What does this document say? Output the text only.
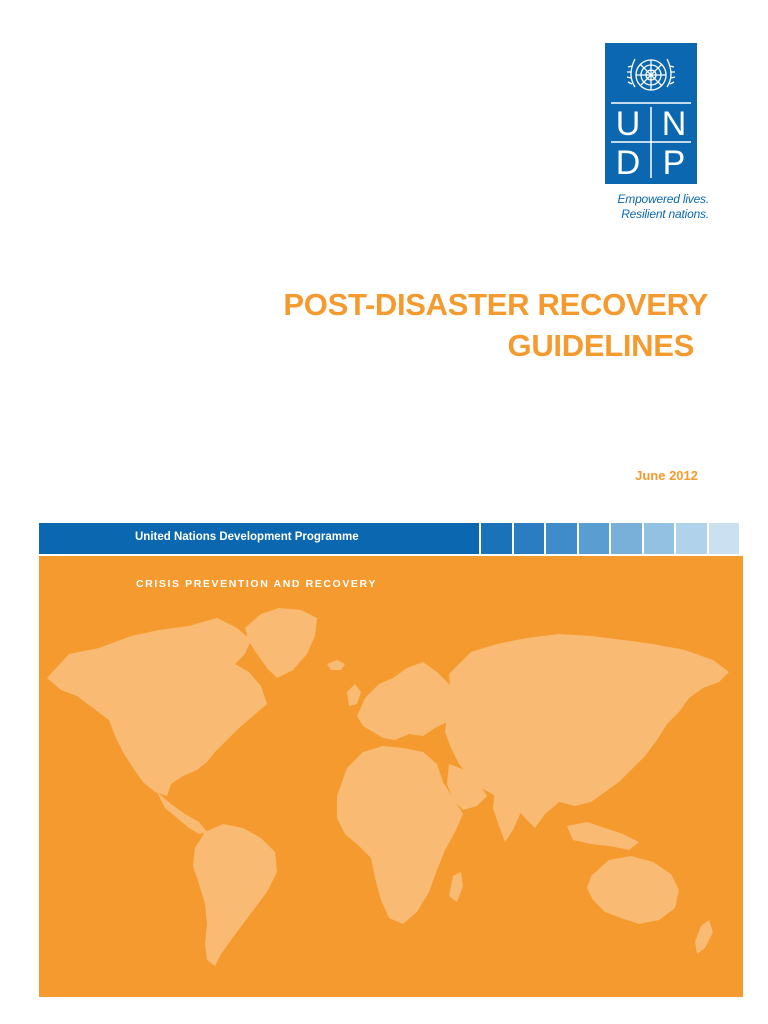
U N
D P
Empowered lives.
Resilient nations.
POST-DISASTER RECOVERY
GUIDELINES
June 2012
United Nations Development Programme
CRISIS PREVENTION AND RECOVERY
